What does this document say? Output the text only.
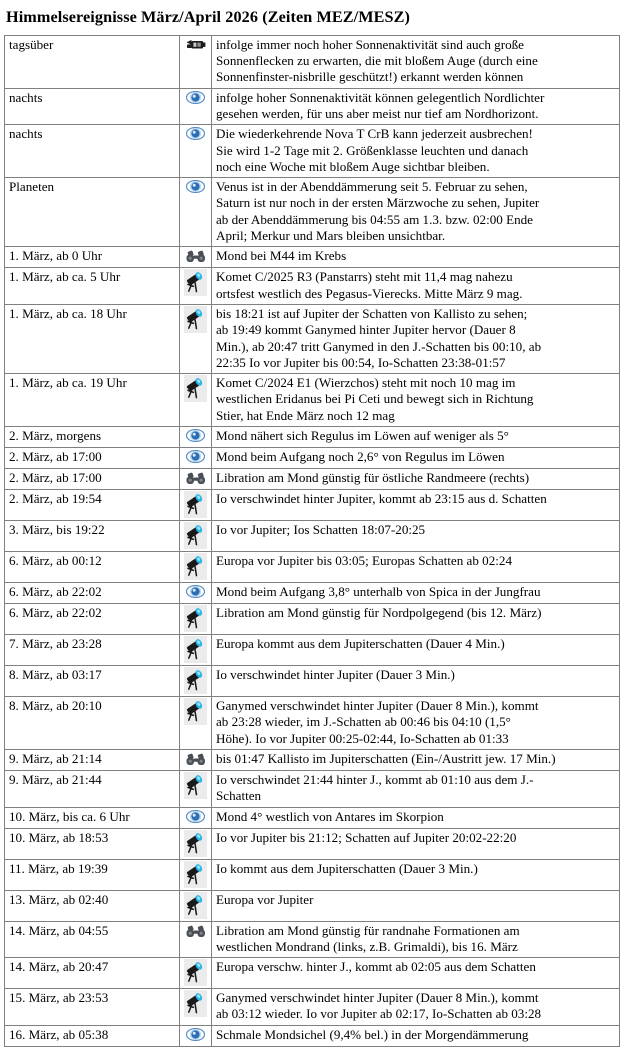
Himmelsereignisse März/April 2026 (Zeiten MEZ/MESZ)
tagsüber		infolge immer noch hoher Sonnenaktivität sind auch große
Sonnenflecken zu erwarten, die mit bloßem Auge (durch eine
Sonnenfinster-nisbrille geschützt!) erkannt werden können

nachts		infolge hoher Sonnenaktivität können gelegentlich Nordlichter
gesehen werden, für uns aber meist nur tief am Nordhorizont.

nachts		Die wiederkehrende Nova T CrB kann jederzeit ausbrechen!
Sie wird 1-2 Tage mit 2. Größenklasse leuchten und danach
noch eine Woche mit bloßem Auge sichtbar bleiben.

Planeten		Venus ist in der Abenddämmerung seit 5. Februar zu sehen,
Saturn ist nur noch in der ersten Märzwoche zu sehen, Jupiter
ab der Abenddämmerung bis 04:55 am 1.3. bzw. 02:00 Ende
April; Merkur und Mars bleiben unsichtbar.

1. März, ab 0 Uhr		Mond bei M44 im Krebs

1. März, ab ca. 5 Uhr		Komet C/2025 R3 (Panstarrs) steht mit 11,4 mag nahezu
ortsfest westlich des Pegasus-Vierecks. Mitte März 9 mag.

1. März, ab ca. 18 Uhr		bis 18:21 ist auf Jupiter der Schatten von Kallisto zu sehen;
ab 19:49 kommt Ganymed hinter Jupiter hervor (Dauer 8
Min.), ab 20:47 tritt Ganymed in den J.-Schatten bis 00:10, ab
22:35 Io vor Jupiter bis 00:54, Io-Schatten 23:38-01:57

1. März, ab ca. 19 Uhr		Komet C/2024 E1 (Wierzchos) steht mit noch 10 mag im
westlichen Eridanus bei Pi Ceti und bewegt sich in Richtung
Stier, hat Ende März noch 12 mag

2. März, morgens		Mond nähert sich Regulus im Löwen auf weniger als 5°

2. März, ab 17:00		Mond beim Aufgang noch 2,6° von Regulus im Löwen

2. März, ab 17:00		Libration am Mond günstig für östliche Randmeere (rechts)

2. März, ab 19:54		Io verschwindet hinter Jupiter, kommt ab 23:15 aus d. Schatten

3. März, bis 19:22		Io vor Jupiter; Ios Schatten 18:07-20:25

6. März, ab 00:12		Europa vor Jupiter bis 03:05; Europas Schatten ab 02:24

6. März, ab 22:02		Mond beim Aufgang 3,8° unterhalb von Spica in der Jungfrau

6. März, ab 22:02		Libration am Mond günstig für Nordpolgegend (bis 12. März)

7. März, ab 23:28		Europa kommt aus dem Jupiterschatten (Dauer 4 Min.)

8. März, ab 03:17		Io verschwindet hinter Jupiter (Dauer 3 Min.)

8. März, ab 20:10		Ganymed verschwindet hinter Jupiter (Dauer 8 Min.), kommt
ab 23:28 wieder, im J.-Schatten ab 00:46 bis 04:10 (1,5°
Höhe). Io vor Jupiter 00:25-02:44, Io-Schatten ab 01:33

9. März, ab 21:14		bis 01:47 Kallisto im Jupiterschatten (Ein-/Austritt jew. 17 Min.)

9. März, ab 21:44		Io verschwindet 21:44 hinter J., kommt ab 01:10 aus dem J.-
Schatten

10. März, bis ca. 6 Uhr		Mond 4° westlich von Antares im Skorpion

10. März, ab 18:53		Io vor Jupiter bis 21:12; Schatten auf Jupiter 20:02-22:20

11. März, ab 19:39		Io kommt aus dem Jupiterschatten (Dauer 3 Min.)

13. März, ab 02:40		Europa vor Jupiter

14. März, ab 04:55		Libration am Mond günstig für randnahe Formationen am
westlichen Mondrand (links, z.B. Grimaldi), bis 16. März

14. März, ab 20:47		Europa verschw. hinter J., kommt ab 02:05 aus dem Schatten

15. März, ab 23:53		Ganymed verschwindet hinter Jupiter (Dauer 8 Min.), kommt
ab 03:12 wieder. Io vor Jupiter ab 02:17, Io-Schatten ab 03:28

16. März, ab 05:38		Schmale Mondsichel (9,4% bel.) in der Morgendämmerung
